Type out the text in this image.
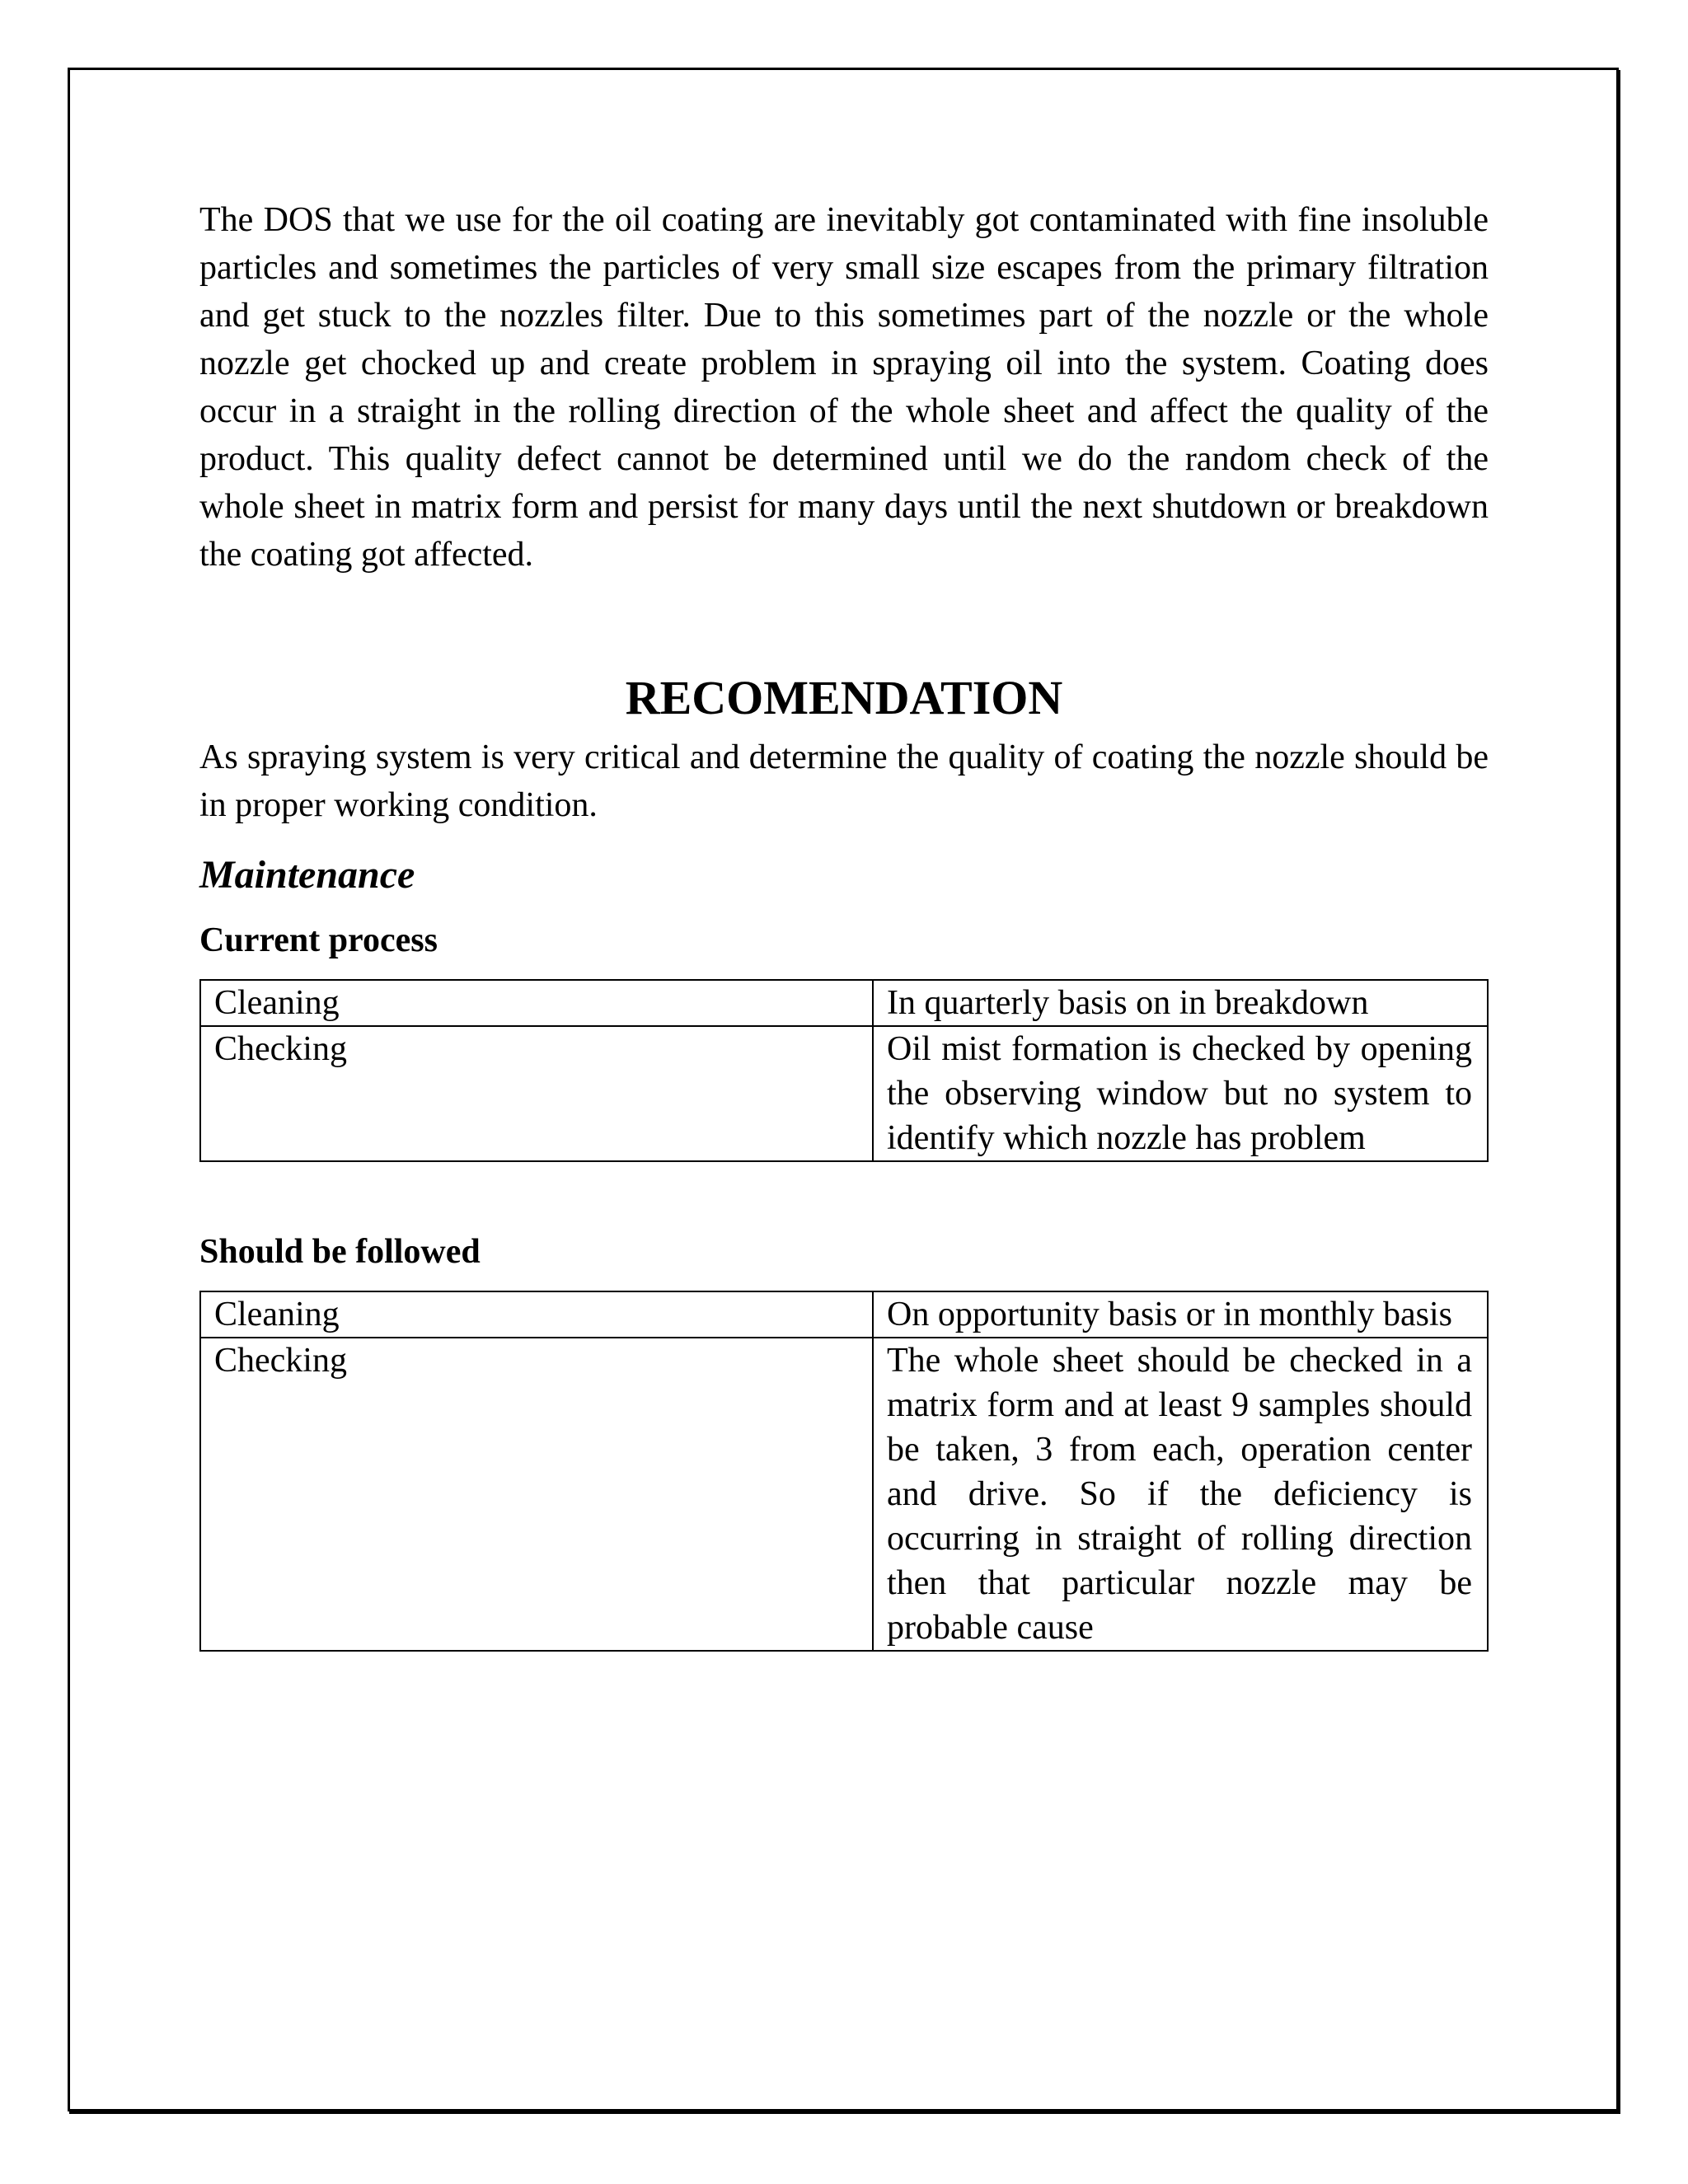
The DOS that we use for the oil coating are inevitably got contaminated with fine insoluble particles and sometimes the particles of very small size escapes from the primary filtration and get stuck to the nozzles filter. Due to this sometimes part of the nozzle or the whole nozzle get chocked up and create problem in spraying oil into the system. Coating does occur in a straight in the rolling direction of the whole sheet and affect the quality of the product. This quality defect cannot be determined until we do the random check of the whole sheet in matrix form and persist for many days until the next shutdown or breakdown the coating got affected.

RECOMENDATION

As spraying system is very critical and determine the quality of coating the nozzle should be in proper working condition.

Maintenance
Current process
Cleaning	In quarterly basis on in breakdown
Checking	Oil mist formation is checked by opening the observing window but no system to identify which nozzle has problem
Should be followed
Cleaning	On opportunity basis or in monthly basis
Checking	The whole sheet should be checked in a matrix form and at least 9 samples should be taken, 3 from each, operation center and drive. So if the deficiency is occurring in straight of rolling direction then that particular nozzle may be probable cause
